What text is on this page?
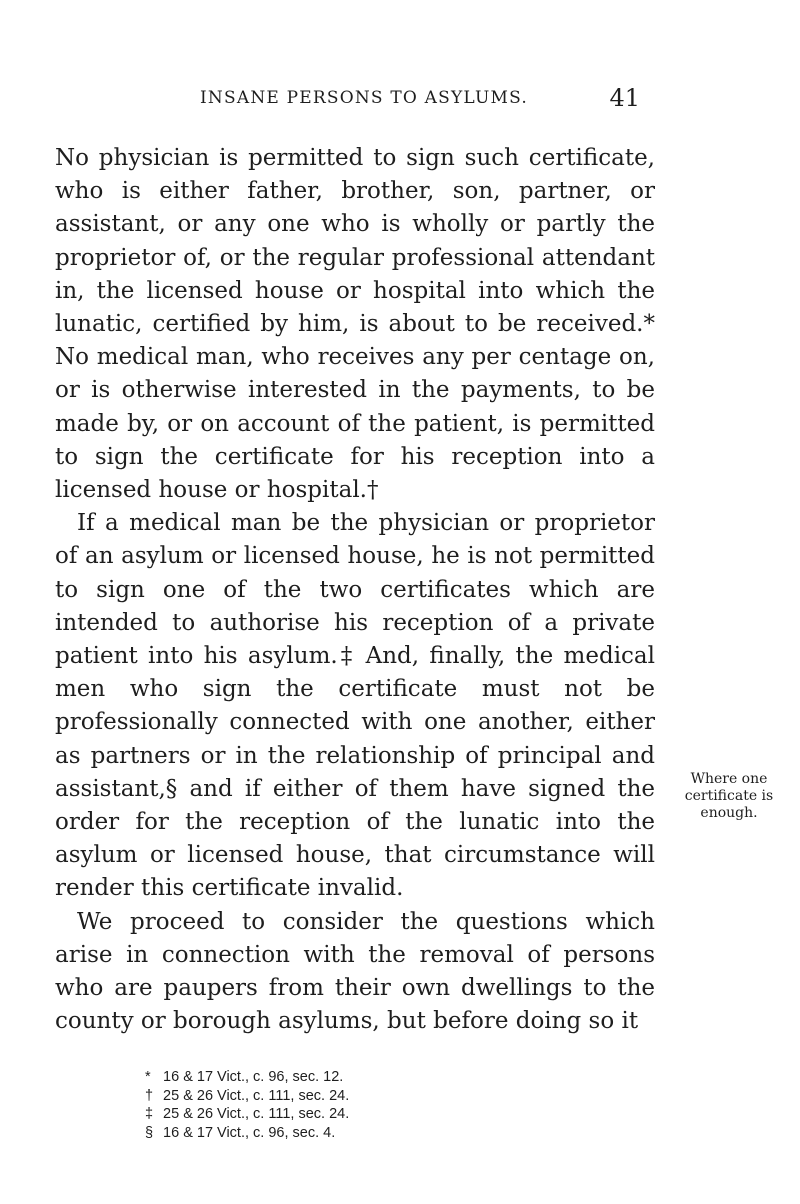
INSANE PERSONS TO ASYLUMS.	41

No physician is permitted to sign such certificate, who is either father, brother, son, partner, or assistant, or any one who is wholly or partly the proprietor of, or the regular professional attendant in, the licensed house or hospital into which the lunatic, certified by him, is about to be received.* No medical man, who receives any per centage on, or is otherwise interested in the payments, to be made by, or on account of the patient, is permitted to sign the certificate for his reception into a licensed house or hospital.†

If a medical man be the physician or proprietor of an asylum or licensed house, he is not permitted to sign one of the two certificates which are intended to authorise his reception of a private patient into his asylum.‡ And, finally, the medical men who sign the certificate must not be professionally connected with one another, either as partners or in the relationship of principal and assistant,§ and if either of them have signed the order for the reception of the lunatic into the asylum or licensed house, that circumstance will render this certificate invalid.

We proceed to consider the questions which arise in connection with the removal of persons who are paupers from their own dwellings to the county or borough asylums, but before doing so it

Where one
certificate is
enough.
* 16 & 17 Vict., c. 96, sec. 12.
† 25 & 26 Vict., c. 111, sec. 24.
‡ 25 & 26 Vict., c. 111, sec. 24.
§ 16 & 17 Vict., c. 96, sec. 4.
